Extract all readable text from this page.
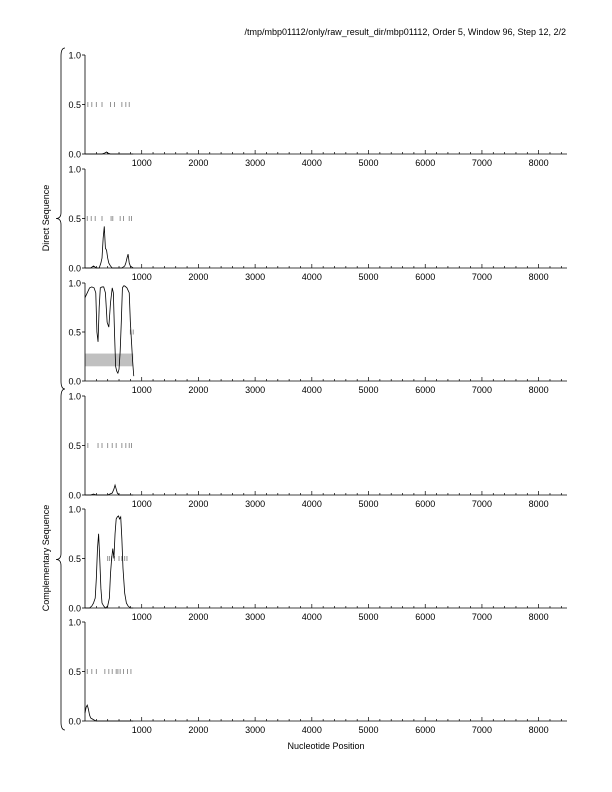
/tmp/mbp01112/only/raw_result_dir/mbp01112, Order 5, Window 96, Step 12, 2/2
0.0
0.5
1.0
1000	2000	3000	4000	5000	6000	7000	8000
0.0
0.5
1.0
1000	2000	3000	4000	5000	6000	7000	8000
0.0
0.5
1.0
1000	2000	3000	4000	5000	6000	7000	8000
0.0
0.5
1.0
1000	2000	3000	4000	5000	6000	7000	8000
0.0
0.5
1.0
1000	2000	3000	4000	5000	6000	7000	8000
0.0
0.5
1.0
1000	2000	3000	4000	5000	6000	7000	8000
Direct Sequence
Complementary Sequence
Nucleotide Position
